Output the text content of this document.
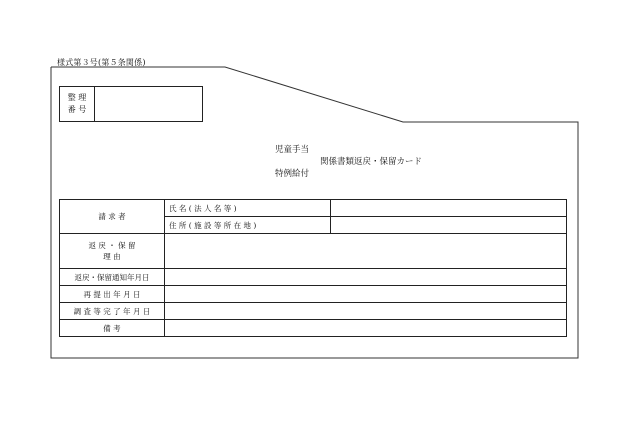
様式第３号(第５条関係)
整 理
番 号
児童手当
関係書類返戻・保留カード
特例給付
請 求 者	氏 名 ( 法 人 名 等 )	
	住 所 ( 施 設 等 所 在 地 )	

返 戻 ・ 保 留
理 由		

返戻・保留通知年月日		
再 提 出 年 月 日		
調 査 等 完 了 年 月 日		
備 考		
